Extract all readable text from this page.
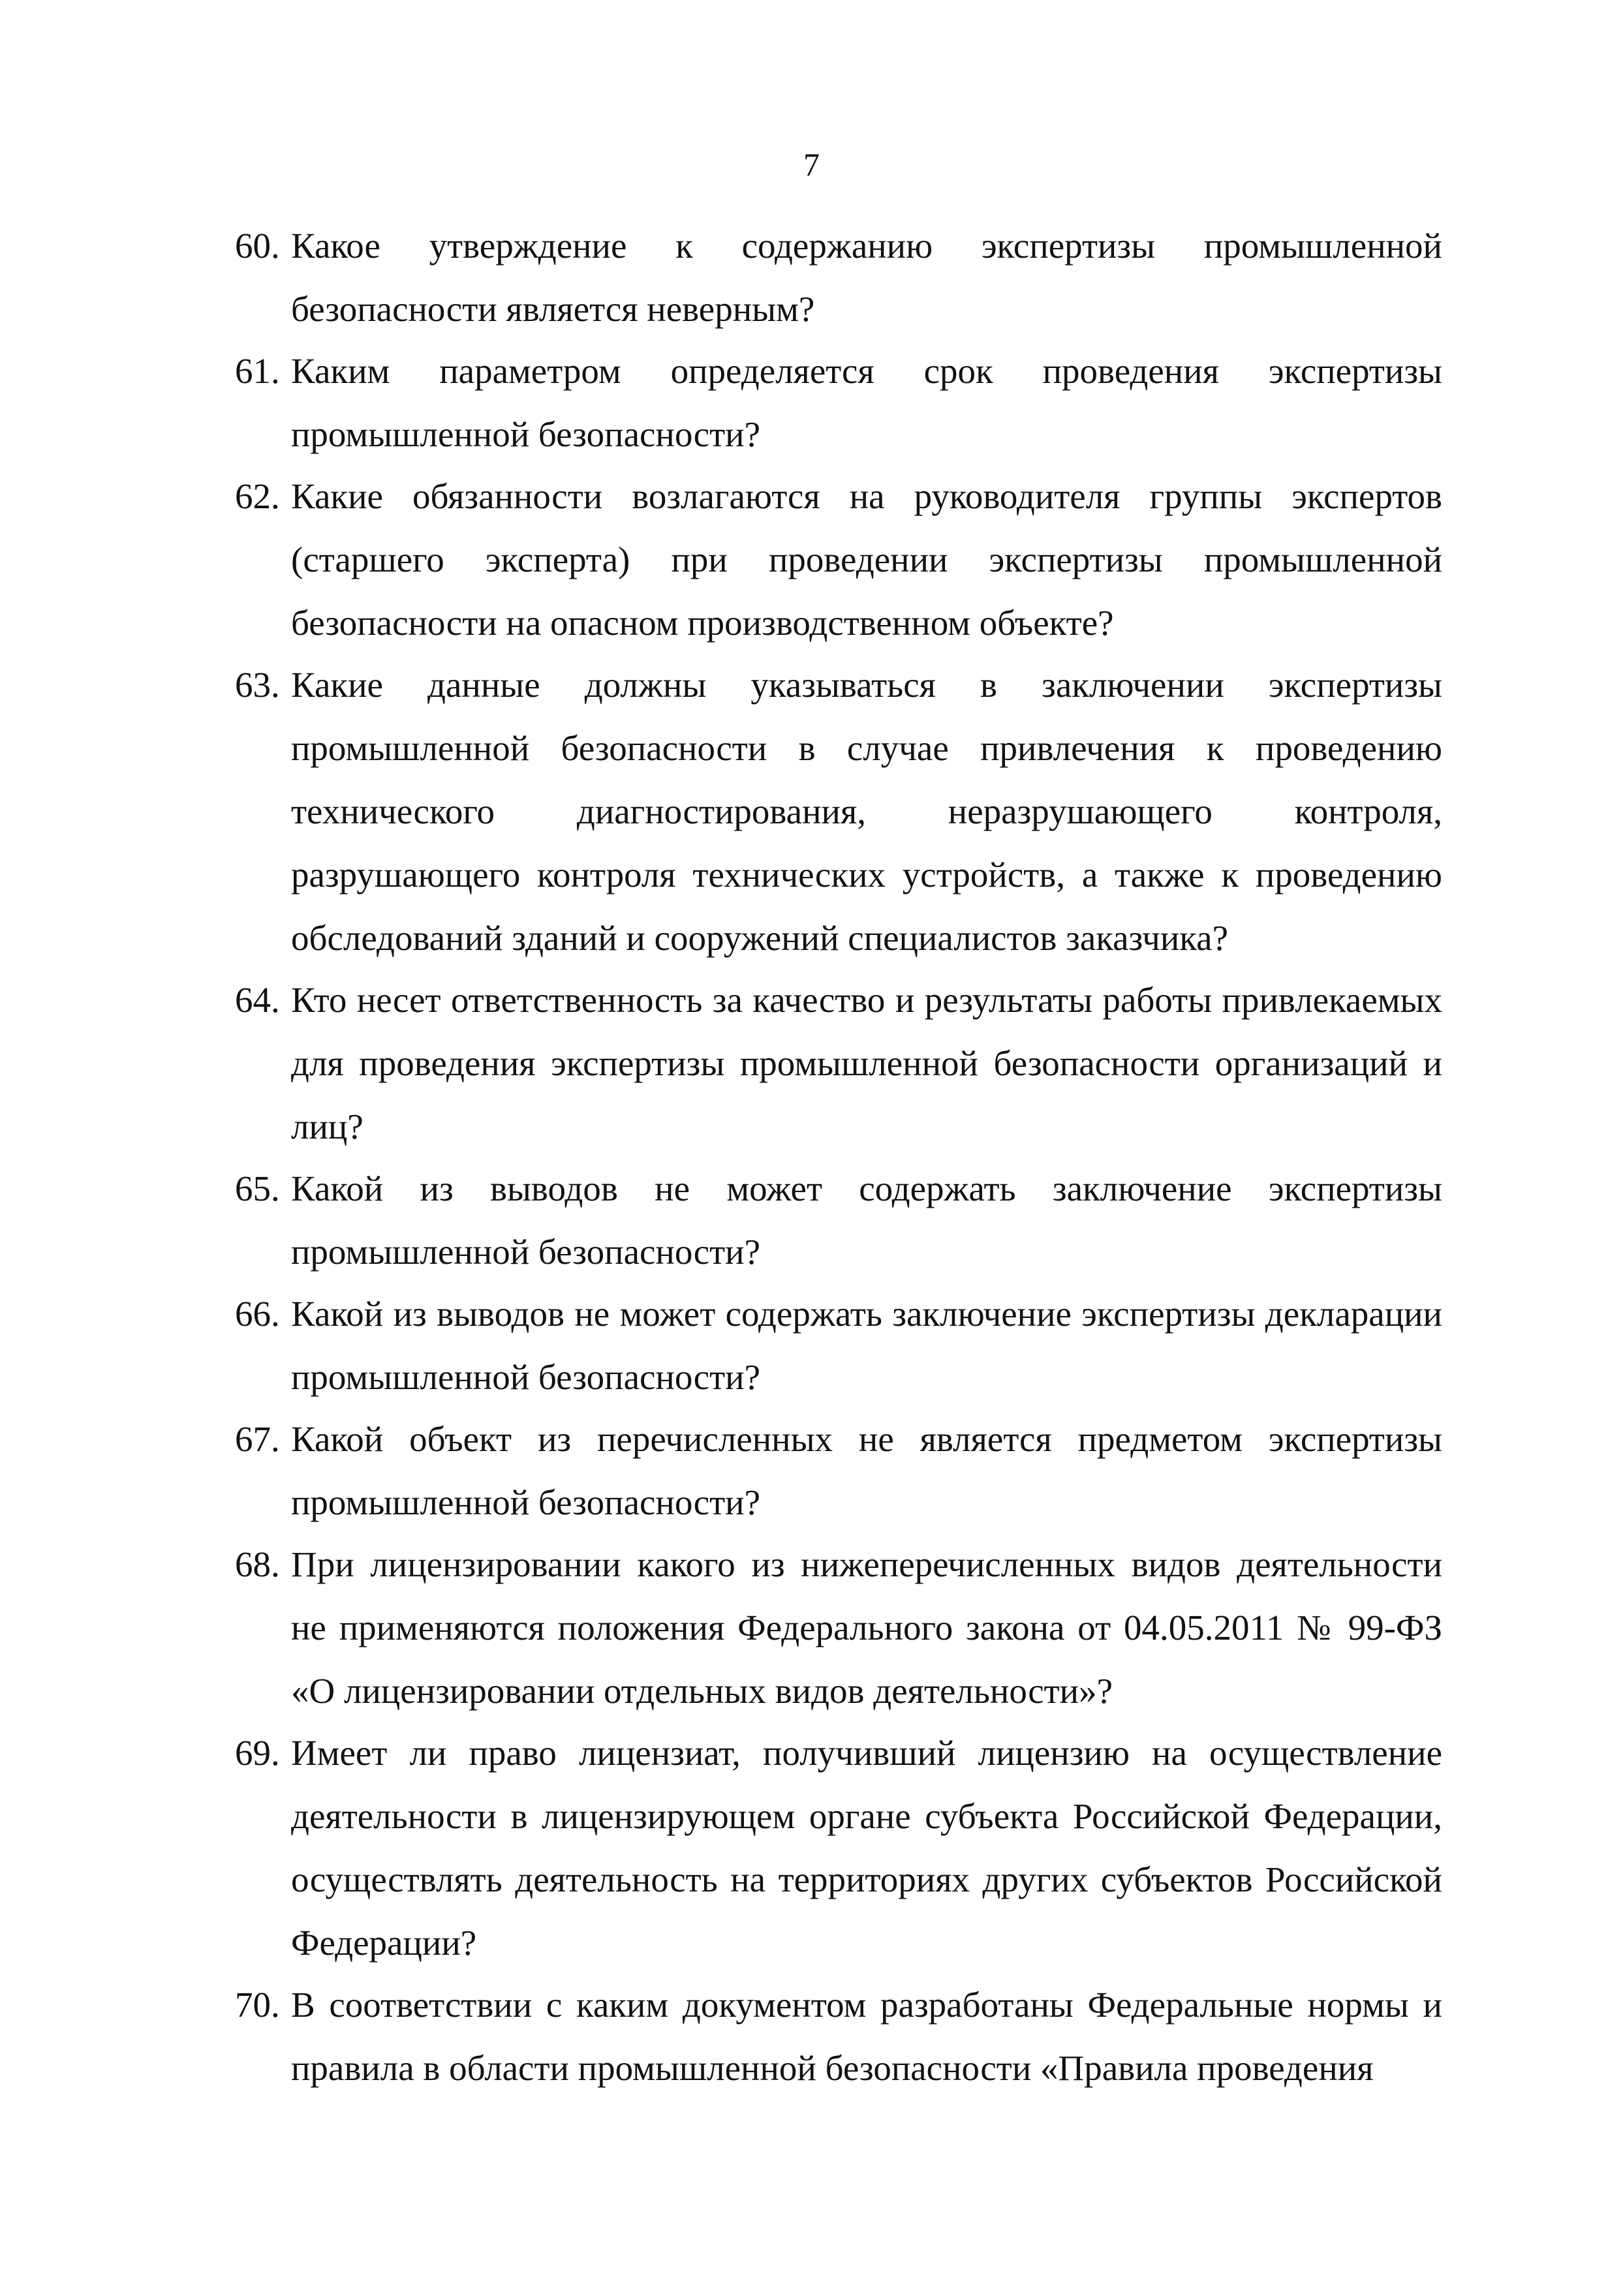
7
60. Какое утверждение к содержанию экспертизы промышленной безопасности является неверным?
61. Каким параметром определяется срок проведения экспертизы промышленной безопасности?
62. Какие обязанности возлагаются на руководителя группы экспертов (старшего эксперта) при проведении экспертизы промышленной безопасности на опасном производственном объекте?
63. Какие данные должны указываться в заключении экспертизы промышленной безопасности в случае привлечения к проведению технического диагностирования, неразрушающего контроля, разрушающего контроля технических устройств, а также к проведению обследований зданий и сооружений специалистов заказчика?
64. Кто несет ответственность за качество и результаты работы привлекаемых для проведения экспертизы промышленной безопасности организаций и лиц?
65. Какой из выводов не может содержать заключение экспертизы промышленной безопасности?
66. Какой из выводов не может содержать заключение экспертизы декларации промышленной безопасности?
67. Какой объект из перечисленных не является предметом экспертизы промышленной безопасности?
68. При лицензировании какого из нижеперечисленных видов деятельности не применяются положения Федерального закона от 04.05.2011 № 99-ФЗ «О лицензировании отдельных видов деятельности»?
69. Имеет ли право лицензиат, получивший лицензию на осуществление деятельности в лицензирующем органе субъекта Российской Федерации, осуществлять деятельность на территориях других субъектов Российской Федерации?
70. В соответствии с каким документом разработаны Федеральные нормы и правила в области промышленной безопасности «Правила проведения
